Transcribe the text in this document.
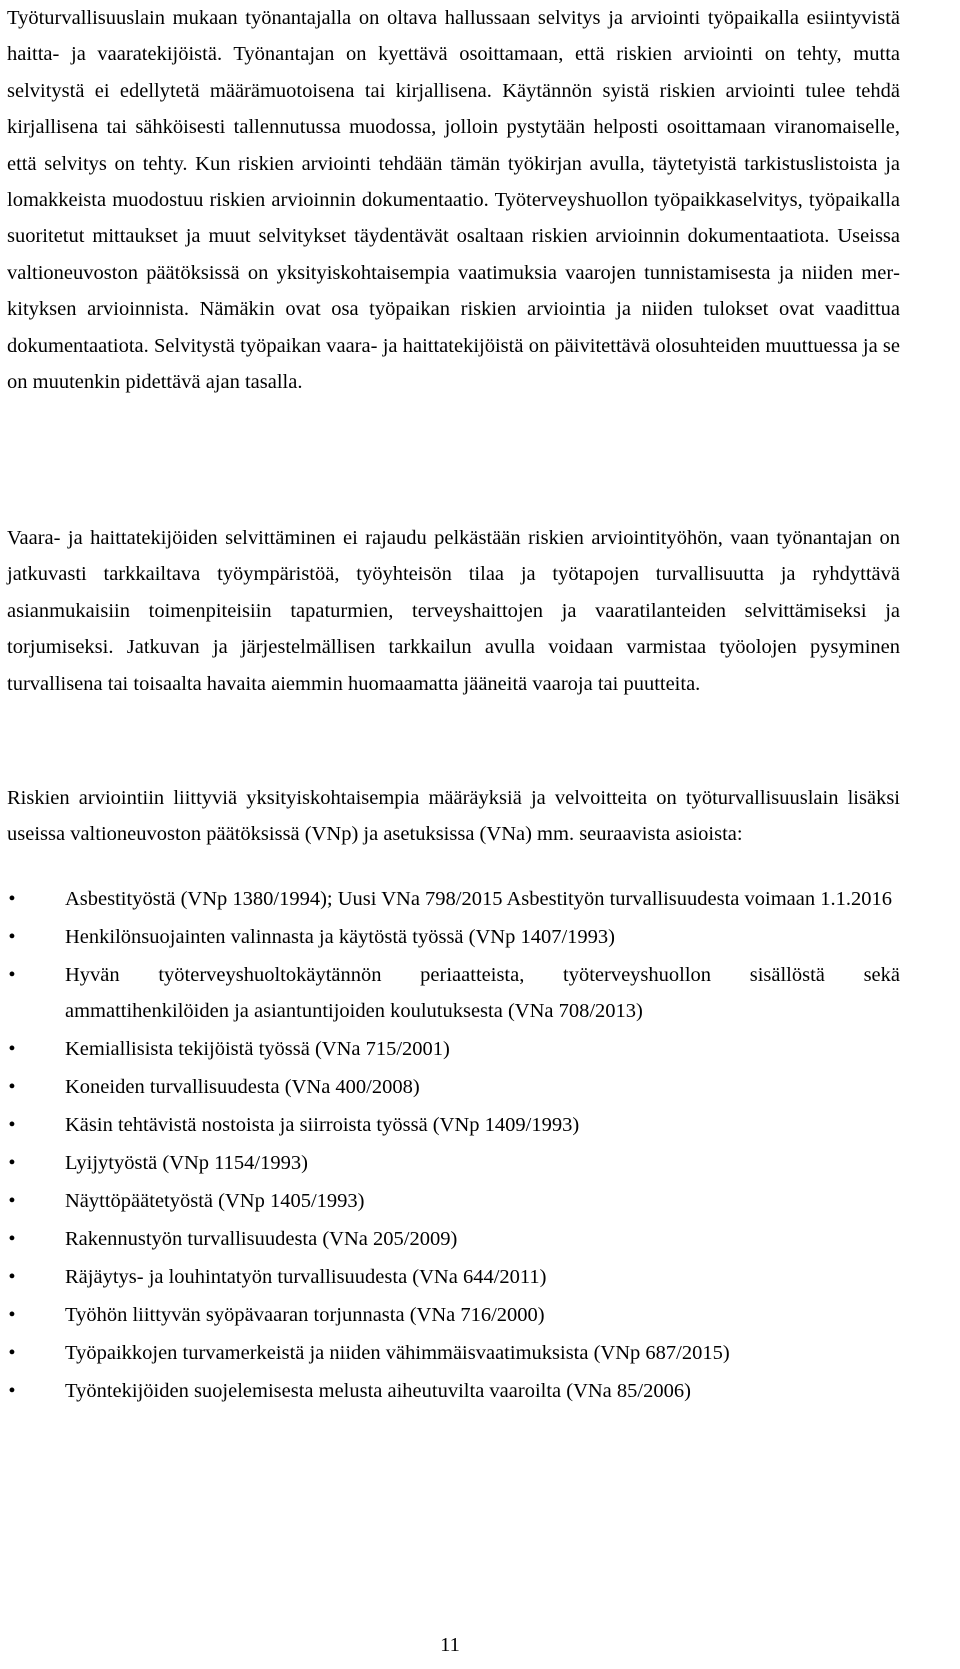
Työturvallisuuslain mukaan työnantajalla on oltava hallussaan selvitys ja arviointi työpaikalla esiintyvistä haitta- ja vaaratekijöistä. Työnantajan on kyettävä osoittamaan, että riskien arviointi on tehty, mutta selvitystä ei edellytetä määrämuotoisena tai kirjallisena. Käytännön syistä riskien arviointi tulee tehdä kirjallisena tai sähköisesti tallennutussa muodossa, jolloin pystytään helposti osoittamaan viranomaiselle, että selvitys on tehty. Kun riskien arviointi tehdään tämän työkirjan avulla, täytetyistä tarkistuslistoista ja lomakkeista muodostuu riskien arvioinnin dokumentaatio. Työterveyshuollon työpaikkaselvitys, työpaikalla suoritetut mittaukset ja muut selvitykset täydentävät osaltaan riskien arvioinnin dokumentaatiota. Useissa valtioneuvoston päätöksissä on yksityiskohtaisempia vaatimuksia vaarojen tunnistamisesta ja niiden merkityksen arvioinnista. Nämäkin ovat osa työpaikan riskien arviointia ja niiden tulokset ovat vaadittua dokumentaatiota. Selvitystä työpaikan vaara- ja haittatekijöistä on päivitettävä olosuhteiden muuttuessa ja se on muutenkin pidettävä ajan tasalla.

Vaara- ja haittatekijöiden selvittäminen ei rajaudu pelkästään riskien arviointityöhön, vaan työnantajan on jatkuvasti tarkkailtava työympäristöä, työyhteisön tilaa ja työtapojen turvallisuutta ja ryhdyttävä asianmukaisiin toimenpiteisiin tapaturmien, terveyshaittojen ja vaaratilanteiden selvittämiseksi ja torjumiseksi. Jatkuvan ja järjestelmällisen tarkkailun avulla voidaan varmistaa työolojen pysyminen turvallisena tai toisaalta havaita aiemmin huomaamatta jääneitä vaaroja tai puutteita.

Riskien arviointiin liittyviä yksityiskohtaisempia määräyksiä ja velvoitteita on työturvallisuuslain lisäksi useissa valtioneuvoston päätöksissä (VNp) ja asetuksissa (VNa) mm. seuraavista asioista:

• Asbestityöstä (VNp 1380/1994); Uusi VNa 798/2015 Asbestityön turvallisuudesta voimaan 1.1.2016
• Henkilönsuojainten valinnasta ja käytöstä työssä (VNp 1407/1993)
• Hyvän työterveyshuoltokäytännön periaatteista, työterveyshuollon sisällöstä sekä ammattihenkilöiden ja asiantuntijoiden koulutuksesta (VNa 708/2013)
• Kemiallisista tekijöistä työssä (VNa 715/2001)
• Koneiden turvallisuudesta (VNa 400/2008)
• Käsin tehtävistä nostoista ja siirroista työssä (VNp 1409/1993)
• Lyijytyöstä (VNp 1154/1993)
• Näyttöpäätetyöstä (VNp 1405/1993)
• Rakennustyön turvallisuudesta (VNa 205/2009)
• Räjäytys- ja louhintatyön turvallisuudesta (VNa 644/2011)
• Työhön liittyvän syöpävaaran torjunnasta (VNa 716/2000)
• Työpaikkojen turvamerkeistä ja niiden vähimmäisvaatimuksista (VNp 687/2015)
• Työntekijöiden suojelemisesta melusta aiheutuvilta vaaroilta (VNa 85/2006)
11
